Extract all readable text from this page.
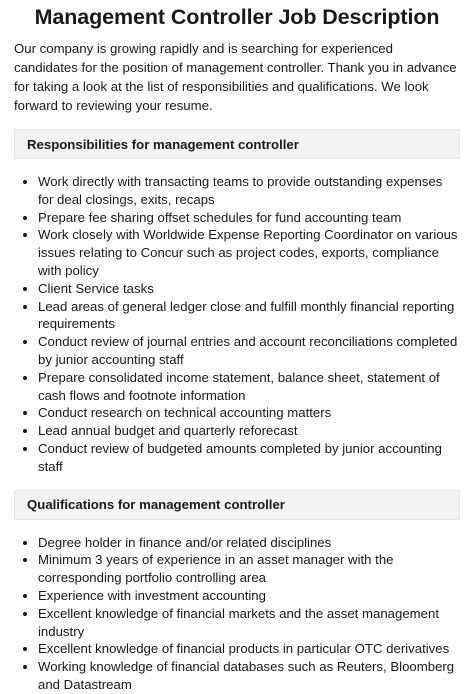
Management Controller Job Description

Our company is growing rapidly and is searching for experienced candidates for the position of management controller. Thank you in advance for taking a look at the list of responsibilities and qualifications. We look forward to reviewing your resume.

Responsibilities for management controller
• Work directly with transacting teams to provide outstanding expenses for deal closings, exits, recaps
• Prepare fee sharing offset schedules for fund accounting team
• Work closely with Worldwide Expense Reporting Coordinator on various issues relating to Concur such as project codes, exports, compliance with policy
• Client Service tasks
• Lead areas of general ledger close and fulfill monthly financial reporting requirements
• Conduct review of journal entries and account reconciliations completed by junior accounting staff
• Prepare consolidated income statement, balance sheet, statement of cash flows and footnote information
• Conduct research on technical accounting matters
• Lead annual budget and quarterly reforecast
• Conduct review of budgeted amounts completed by junior accounting staff
Qualifications for management controller
• Degree holder in finance and/or related disciplines
• Minimum 3 years of experience in an asset manager with the corresponding portfolio controlling area
• Experience with investment accounting
• Excellent knowledge of financial markets and the asset management industry
• Excellent knowledge of financial products in particular OTC derivatives
• Working knowledge of financial databases such as Reuters, Bloomberg and Datastream
